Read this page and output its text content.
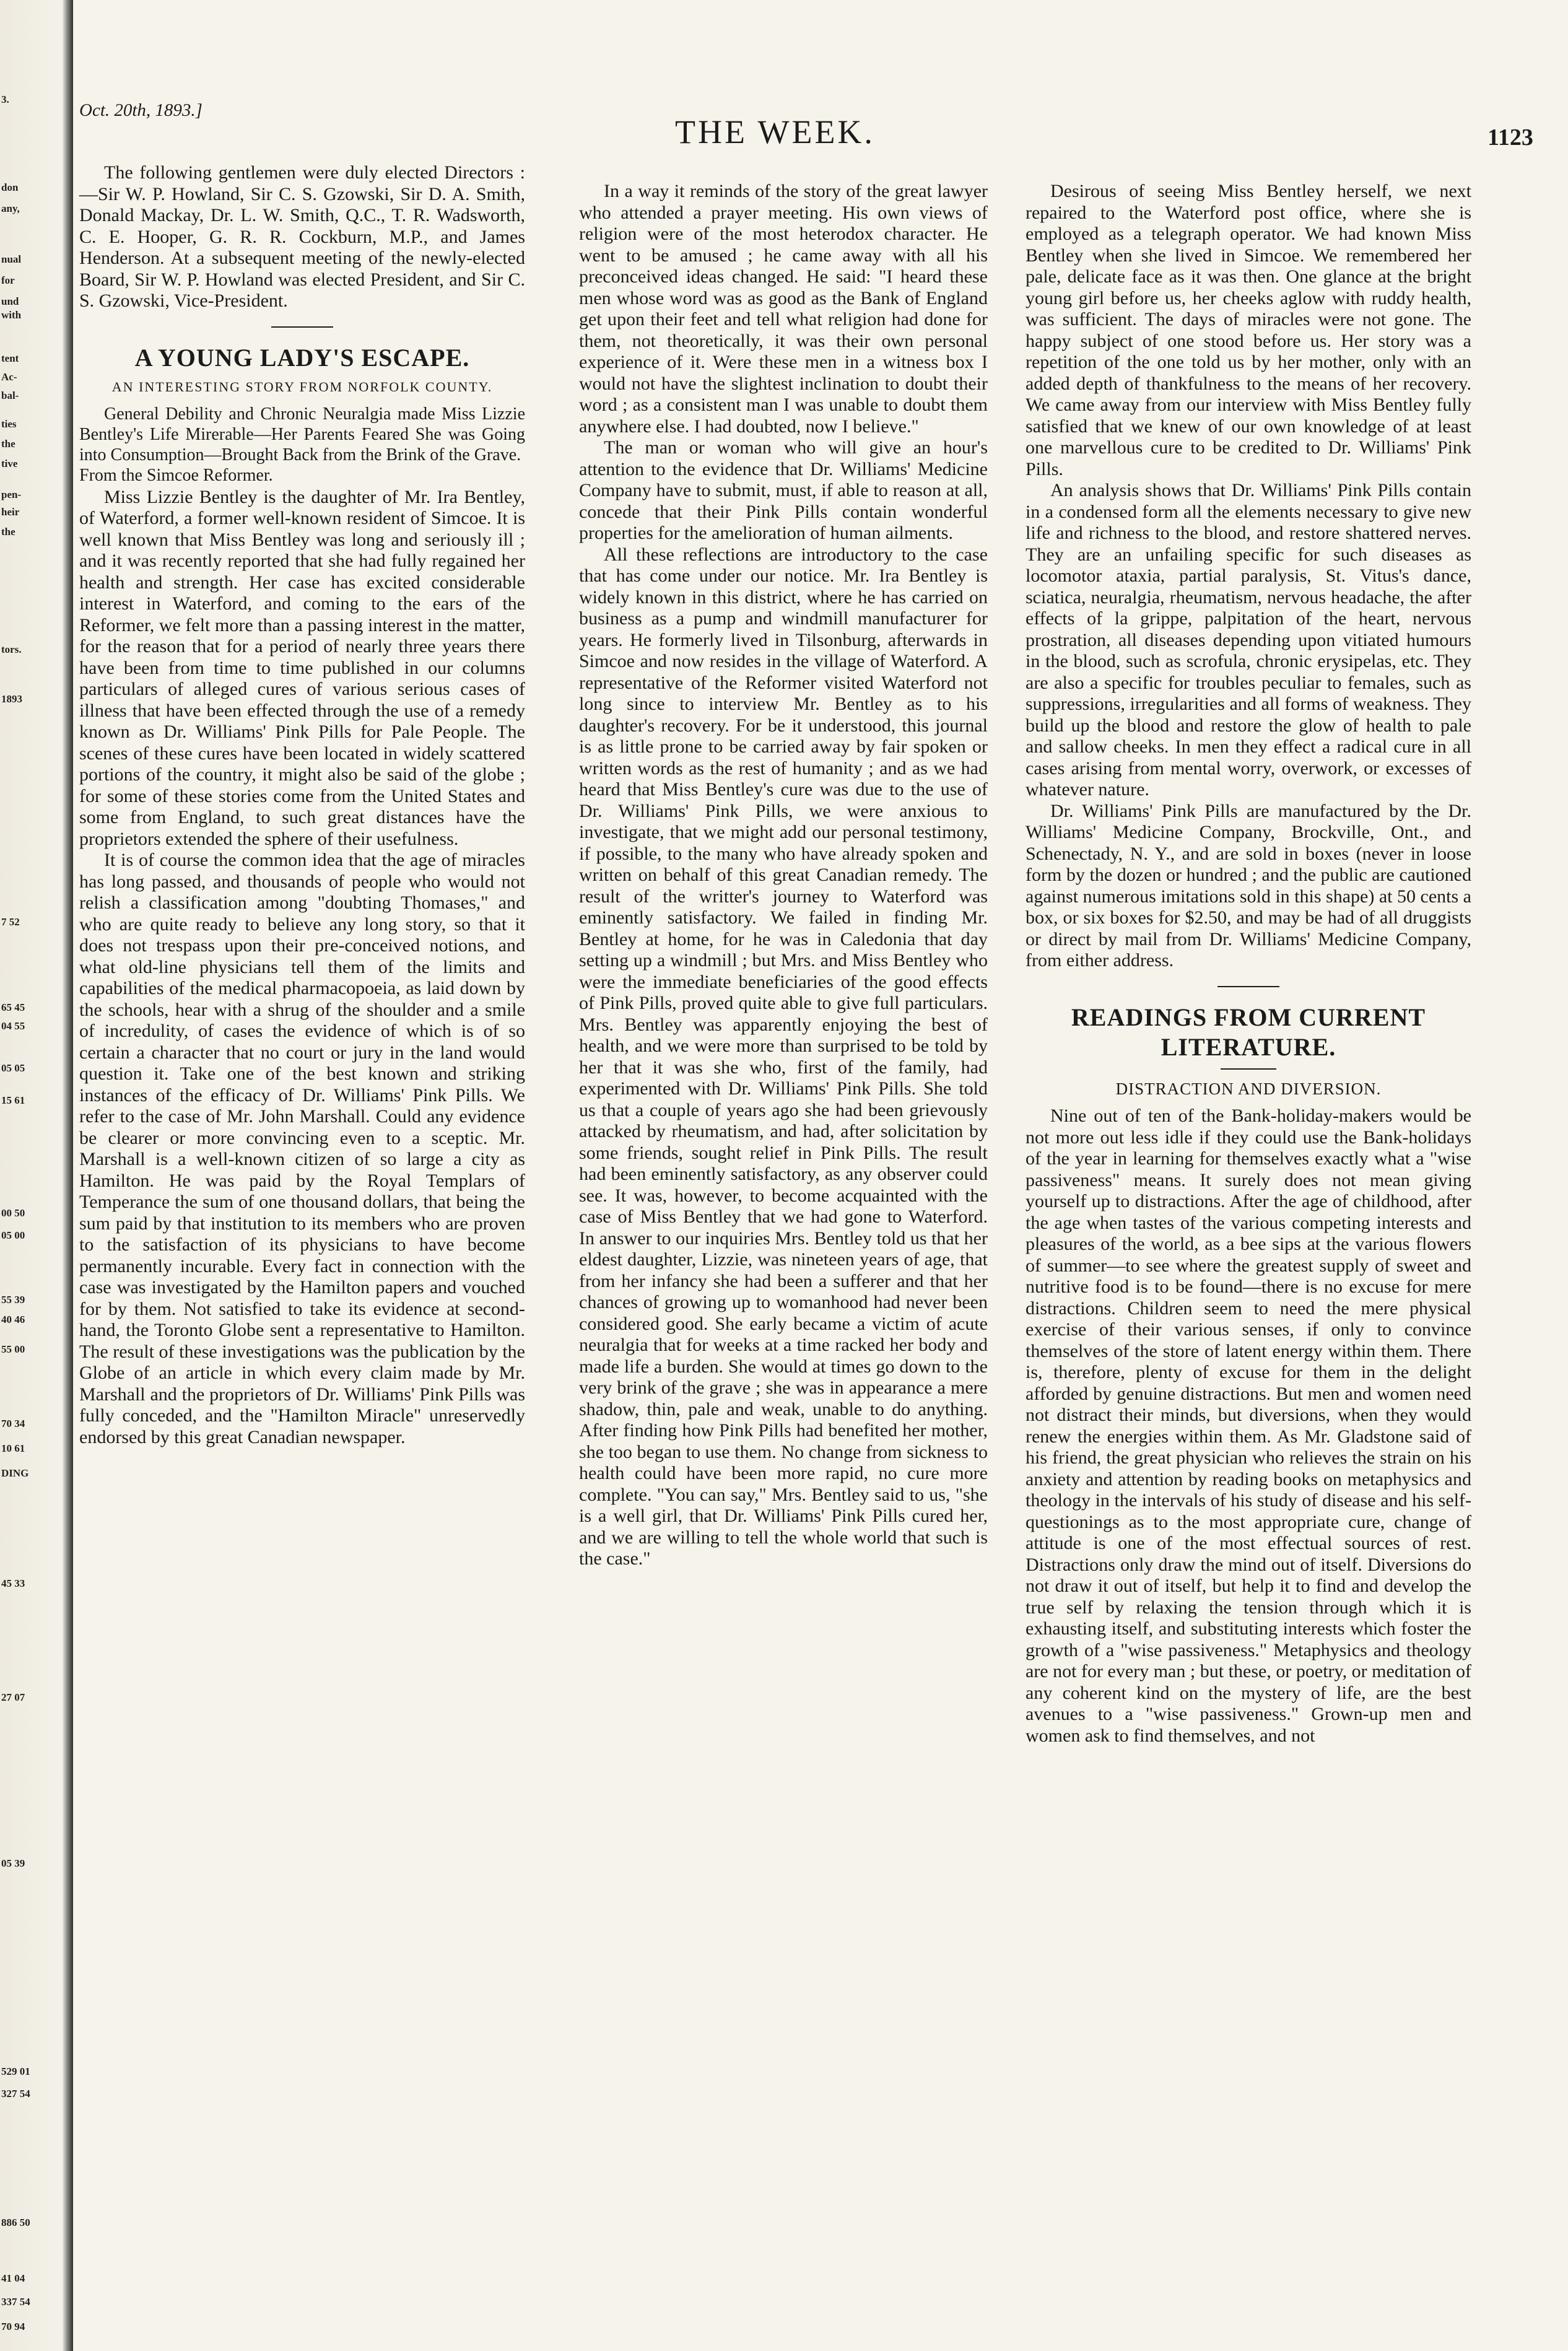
3.
don
any,
nual
for
und
with
tent
Ac-
bal-
ties
the
tive
pen-
heir
the
tors.
1893
7 52
65 45
04 55
05 05
15 61
00 50
05 00
55 39
40 46
55 00
70 34
10 61
DING
45 33
27 07
05 39
529 01
327 54
886 50
41 04
337 54
70 94
Oct. 20th, 1893.]
THE WEEK.	1123

The following gentlemen were duly elected Directors :—Sir W. P. Howland, Sir C. S. Gzowski, Sir D. A. Smith, Donald Mackay, Dr. L. W. Smith, Q.C., T. R. Wadsworth, C. E. Hooper, G. R. R. Cockburn, M.P., and James Henderson. At a subsequent meeting of the newly-elected Board, Sir W. P. Howland was elected President, and Sir C. S. Gzowski, Vice-President.

A YOUNG LADY'S ESCAPE.
AN INTERESTING STORY FROM NORFOLK COUNTY.

General Debility and Chronic Neuralgia made Miss Lizzie Bentley's Life Mirerable—Her Parents Feared She was Going into Consumption—Brought Back from the Brink of the Grave.

From the Simcoe Reformer.

Miss Lizzie Bentley is the daughter of Mr. Ira Bentley, of Waterford, a former well-known resident of Simcoe. It is well known that Miss Bentley was long and seriously ill ; and it was recently reported that she had fully regained her health and strength. Her case has excited considerable interest in Waterford, and coming to the ears of the Reformer, we felt more than a passing interest in the matter, for the reason that for a period of nearly three years there have been from time to time published in our columns particulars of alleged cures of various serious cases of illness that have been effected through the use of a remedy known as Dr. Williams' Pink Pills for Pale People. The scenes of these cures have been located in widely scattered portions of the country, it might also be said of the globe ; for some of these stories come from the United States and some from England, to such great distances have the proprietors extended the sphere of their usefulness.

It is of course the common idea that the age of miracles has long passed, and thousands of people who would not relish a classification among "doubting Thomases," and who are quite ready to believe any long story, so that it does not trespass upon their pre-conceived notions, and what old-line physicians tell them of the limits and capabilities of the medical pharmacopoeia, as laid down by the schools, hear with a shrug of the shoulder and a smile of incredulity, of cases the evidence of which is of so certain a character that no court or jury in the land would question it. Take one of the best known and striking instances of the efficacy of Dr. Williams' Pink Pills. We refer to the case of Mr. John Marshall. Could any evidence be clearer or more convincing even to a sceptic. Mr. Marshall is a well-known citizen of so large a city as Hamilton. He was paid by the Royal Templars of Temperance the sum of one thousand dollars, that being the sum paid by that institution to its members who are proven to the satisfaction of its physicians to have become permanently incurable. Every fact in connection with the case was investigated by the Hamilton papers and vouched for by them. Not satisfied to take its evidence at second-hand, the Toronto Globe sent a representative to Hamilton. The result of these investigations was the publication by the Globe of an article in which every claim made by Mr. Marshall and the proprietors of Dr. Williams' Pink Pills was fully conceded, and the "Hamilton Miracle" unreservedly endorsed by this great Canadian newspaper.

In a way it reminds of the story of the great lawyer who attended a prayer meeting. His own views of religion were of the most heterodox character. He went to be amused ; he came away with all his preconceived ideas changed. He said: "I heard these men whose word was as good as the Bank of England get upon their feet and tell what religion had done for them, not theoretically, it was their own personal experience of it. Were these men in a witness box I would not have the slightest inclination to doubt their word ; as a consistent man I was unable to doubt them anywhere else. I had doubted, now I believe."

The man or woman who will give an hour's attention to the evidence that Dr. Williams' Medicine Company have to submit, must, if able to reason at all, concede that their Pink Pills contain wonderful properties for the amelioration of human ailments.

All these reflections are introductory to the case that has come under our notice. Mr. Ira Bentley is widely known in this district, where he has carried on business as a pump and windmill manufacturer for years. He formerly lived in Tilsonburg, afterwards in Simcoe and now resides in the village of Waterford. A representative of the Reformer visited Waterford not long since to interview Mr. Bentley as to his daughter's recovery. For be it understood, this journal is as little prone to be carried away by fair spoken or written words as the rest of humanity ; and as we had heard that Miss Bentley's cure was due to the use of Dr. Williams' Pink Pills, we were anxious to investigate, that we might add our personal testimony, if possible, to the many who have already spoken and written on behalf of this great Canadian remedy. The result of the writter's journey to Waterford was eminently satisfactory. We failed in finding Mr. Bentley at home, for he was in Caledonia that day setting up a windmill ; but Mrs. and Miss Bentley who were the immediate beneficiaries of the good effects of Pink Pills, proved quite able to give full particulars. Mrs. Bentley was apparently enjoying the best of health, and we were more than surprised to be told by her that it was she who, first of the family, had experimented with Dr. Williams' Pink Pills. She told us that a couple of years ago she had been grievously attacked by rheumatism, and had, after solicitation by some friends, sought relief in Pink Pills. The result had been eminently satisfactory, as any observer could see. It was, however, to become acquainted with the case of Miss Bentley that we had gone to Waterford. In answer to our inquiries Mrs. Bentley told us that her eldest daughter, Lizzie, was nineteen years of age, that from her infancy she had been a sufferer and that her chances of growing up to womanhood had never been considered good. She early became a victim of acute neuralgia that for weeks at a time racked her body and made life a burden. She would at times go down to the very brink of the grave ; she was in appearance a mere shadow, thin, pale and weak, unable to do anything. After finding how Pink Pills had benefited her mother, she too began to use them. No change from sickness to health could have been more rapid, no cure more complete. "You can say," Mrs. Bentley said to us, "she is a well girl, that Dr. Williams' Pink Pills cured her, and we are willing to tell the whole world that such is the case."

Desirous of seeing Miss Bentley herself, we next repaired to the Waterford post office, where she is employed as a telegraph operator. We had known Miss Bentley when she lived in Simcoe. We remembered her pale, delicate face as it was then. One glance at the bright young girl before us, her cheeks aglow with ruddy health, was sufficient. The days of miracles were not gone. The happy subject of one stood before us. Her story was a repetition of the one told us by her mother, only with an added depth of thankfulness to the means of her recovery. We came away from our interview with Miss Bentley fully satisfied that we knew of our own knowledge of at least one marvellous cure to be credited to Dr. Williams' Pink Pills.

An analysis shows that Dr. Williams' Pink Pills contain in a condensed form all the elements necessary to give new life and richness to the blood, and restore shattered nerves. They are an unfailing specific for such diseases as locomotor ataxia, partial paralysis, St. Vitus's dance, sciatica, neuralgia, rheumatism, nervous headache, the after effects of la grippe, palpitation of the heart, nervous prostration, all diseases depending upon vitiated humours in the blood, such as scrofula, chronic erysipelas, etc. They are also a specific for troubles peculiar to females, such as suppressions, irregularities and all forms of weakness. They build up the blood and restore the glow of health to pale and sallow cheeks. In men they effect a radical cure in all cases arising from mental worry, overwork, or excesses of whatever nature.

Dr. Williams' Pink Pills are manufactured by the Dr. Williams' Medicine Company, Brockville, Ont., and Schenectady, N. Y., and are sold in boxes (never in loose form by the dozen or hundred ; and the public are cautioned against numerous imitations sold in this shape) at 50 cents a box, or six boxes for $2.50, and may be had of all druggists or direct by mail from Dr. Williams' Medicine Company, from either address.

READINGS FROM CURRENT LITERATURE.
DISTRACTION AND DIVERSION.

Nine out of ten of the Bank-holiday-makers would be not more out less idle if they could use the Bank-holidays of the year in learning for themselves exactly what a "wise passiveness" means. It surely does not mean giving yourself up to distractions. After the age of childhood, after the age when tastes of the various competing interests and pleasures of the world, as a bee sips at the various flowers of summer—to see where the greatest supply of sweet and nutritive food is to be found—there is no excuse for mere distractions. Children seem to need the mere physical exercise of their various senses, if only to convince themselves of the store of latent energy within them. There is, therefore, plenty of excuse for them in the delight afforded by genuine distractions. But men and women need not distract their minds, but diversions, when they would renew the energies within them. As Mr. Gladstone said of his friend, the great physician who relieves the strain on his anxiety and attention by reading books on metaphysics and theology in the intervals of his study of disease and his self-questionings as to the most appropriate cure, change of attitude is one of the most effectual sources of rest. Distractions only draw the mind out of itself. Diversions do not draw it out of itself, but help it to find and develop the true self by relaxing the tension through which it is exhausting itself, and substituting interests which foster the growth of a "wise passiveness." Metaphysics and theology are not for every man ; but these, or poetry, or meditation of any coherent kind on the mystery of life, are the best avenues to a "wise passiveness." Grown-up men and women ask to find themselves, and not
